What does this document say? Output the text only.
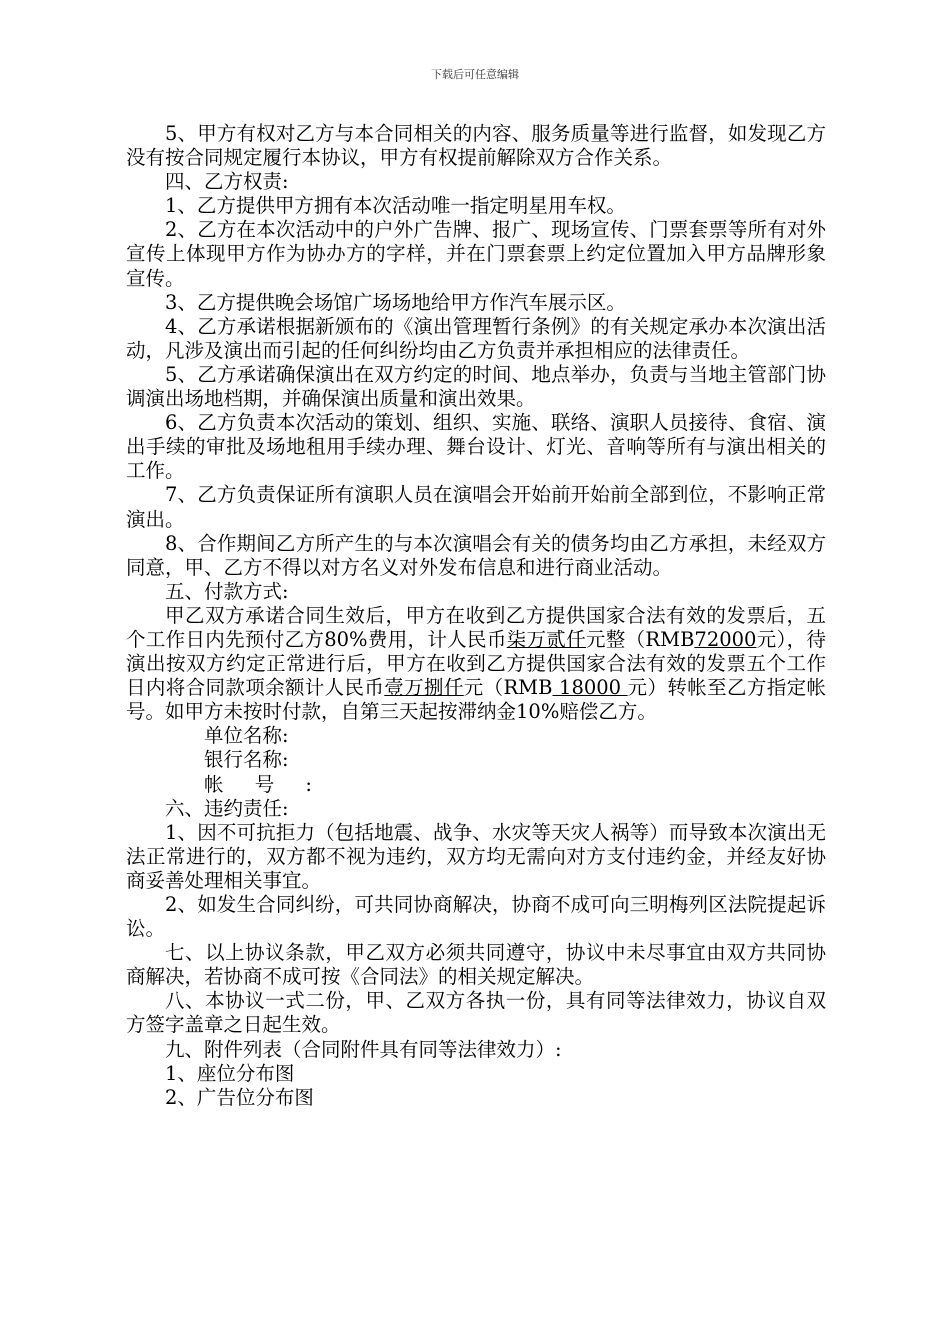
下载后可任意编辑

5、甲方有权对乙方与本合同相关的内容、服务质量等进行监督，如发现乙方没有按合同规定履行本协议，甲方有权提前解除双方合作关系。

四、乙方权责:

1、乙方提供甲方拥有本次活动唯一指定明星用车权。

2、乙方在本次活动中的户外广告牌、报广、现场宣传、门票套票等所有对外宣传上体现甲方作为协办方的字样，并在门票套票上约定位置加入甲方品牌形象宣传。

3、乙方提供晚会场馆广场场地给甲方作汽车展示区。

4、乙方承诺根据新颁布的《演出管理暂行条例》的有关规定承办本次演出活动，凡涉及演出而引起的任何纠纷均由乙方负责并承担相应的法律责任。

5、乙方承诺确保演出在双方约定的时间、地点举办，负责与当地主管部门协调演出场地档期，并确保演出质量和演出效果。

6、乙方负责本次活动的策划、组织、实施、联络、演职人员接待、食宿、演出手续的审批及场地租用手续办理、舞台设计、灯光、音响等所有与演出相关的工作。

7、乙方负责保证所有演职人员在演唱会开始前开始前全部到位，不影响正常演出。

8、合作期间乙方所产生的与本次演唱会有关的债务均由乙方承担，未经双方同意，甲、乙方不得以对方名义对外发布信息和进行商业活动。

五、付款方式:

甲乙双方承诺合同生效后，甲方在收到乙方提供国家合法有效的发票后，五个工作日内先预付乙方80%费用，计人民币柒万贰仟元整（RMB72000元），待演出按双方约定正常进行后，甲方在收到乙方提供国家合法有效的发票五个工作日内将合同款项余额计人民币壹万捌仟元（RMB 18000 元）转帐至乙方指定帐号。如甲方未按时付款，自第三天起按滞纳金10%赔偿乙方。

单位名称:

银行名称:

帐号:

六、违约责任:

1、因不可抗拒力（包括地震、战争、水灾等天灾人祸等）而导致本次演出无法正常进行的，双方都不视为违约，双方均无需向对方支付违约金，并经友好协商妥善处理相关事宜。

2、如发生合同纠纷，可共同协商解决，协商不成可向三明梅列区法院提起诉讼。

七、以上协议条款，甲乙双方必须共同遵守，协议中未尽事宜由双方共同协商解决，若协商不成可按《合同法》的相关规定解决。

八、本协议一式二份，甲、乙双方各执一份，具有同等法律效力，协议自双方签字盖章之日起生效。

九、附件列表（合同附件具有同等法律效力）:

1、座位分布图

2、广告位分布图
